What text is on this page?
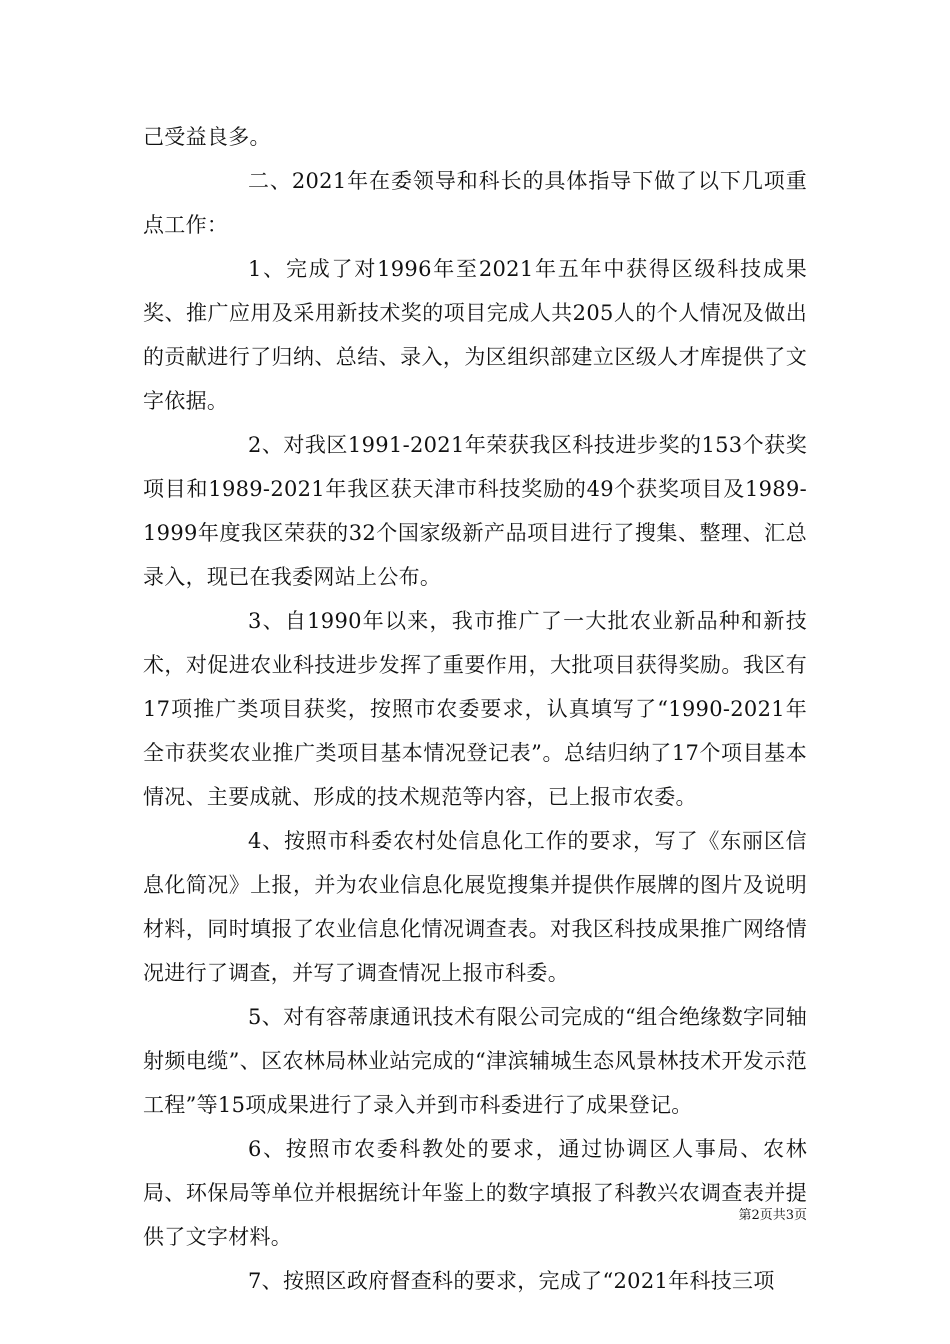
己受益良多。

二、2021年在委领导和科长的具体指导下做了以下几项重点工作：

1、完成了对1996年至2021年五年中获得区级科技成果奖、推广应用及采用新技术奖的项目完成人共205人的个人情况及做出的贡献进行了归纳、总结、录入，为区组织部建立区级人才库提供了文字依据。

2、对我区1991-2021年荣获我区科技进步奖的153个获奖项目和1989-2021年我区获天津市科技奖励的49个获奖项目及1989-1999年度我区荣获的32个国家级新产品项目进行了搜集、整理、汇总录入，现已在我委网站上公布。

3、自1990年以来，我市推广了一大批农业新品种和新技术，对促进农业科技进步发挥了重要作用，大批项目获得奖励。我区有17项推广类项目获奖，按照市农委要求，认真填写了“1990-2021年全市获奖农业推广类项目基本情况登记表”。总结归纳了17个项目基本情况、主要成就、形成的技术规范等内容，已上报市农委。

4、按照市科委农村处信息化工作的要求，写了《东丽区信息化简况》上报，并为农业信息化展览搜集并提供作展牌的图片及说明材料，同时填报了农业信息化情况调查表。对我区科技成果推广网络情况进行了调查，并写了调查情况上报市科委。

5、对有容蒂康通讯技术有限公司完成的“组合绝缘数字同轴射频电缆”、区农林局林业站完成的“津滨辅城生态风景林技术开发示范工程”等15项成果进行了录入并到市科委进行了成果登记。

6、按照市农委科教处的要求，通过协调区人事局、农林局、环保局等单位并根据统计年鉴上的数字填报了科教兴农调查表并提供了文字材料。

7、按照区政府督查科的要求，完成了“2021年科技三项

第2页共3页
